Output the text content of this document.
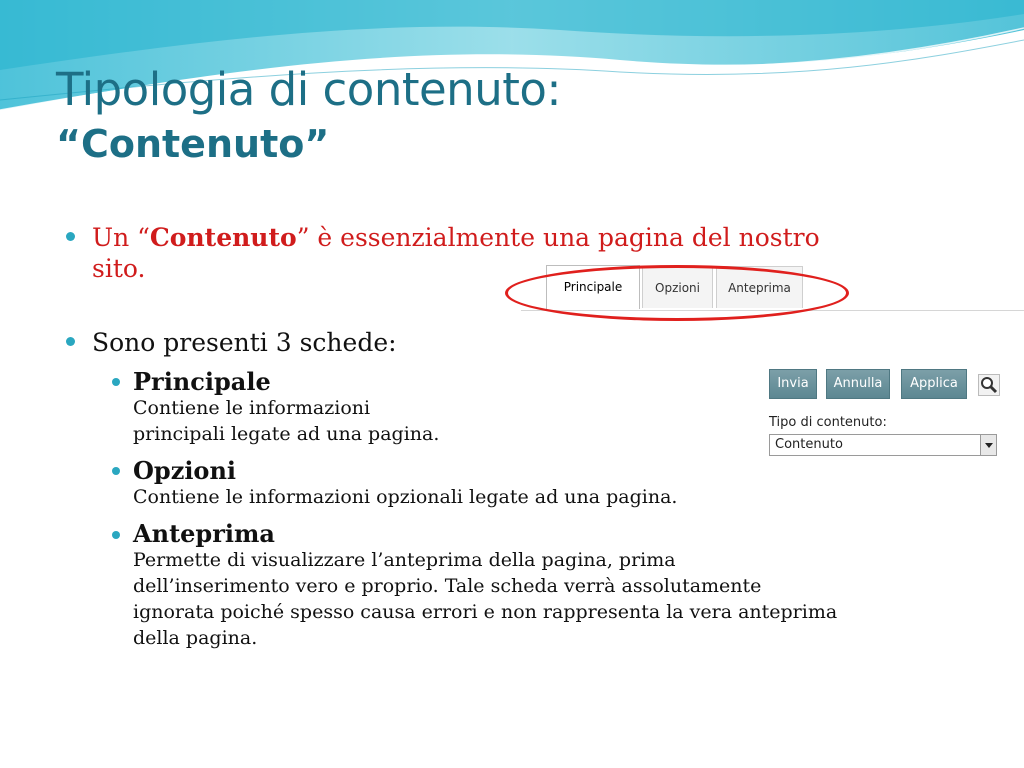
Tipologia di contenuto:
“Contenuto”
Un “Contenuto” è essenzialmente una pagina del nostro
sito.
Sono presenti 3 schede:
Principale
Contiene le informazioni
principali legate ad una pagina.
Opzioni
Contiene le informazioni opzionali legate ad una pagina.
Anteprima
Permette di visualizzare l’anteprima della pagina, prima
dell’inserimento vero e proprio. Tale scheda verrà assolutamente
ignorata poiché spesso causa errori e non rappresenta la vera anteprima
della pagina.
Principale	Opzioni	Anteprima
Invia	Annulla	Applica
Tipo di contenuto:
Contenuto
